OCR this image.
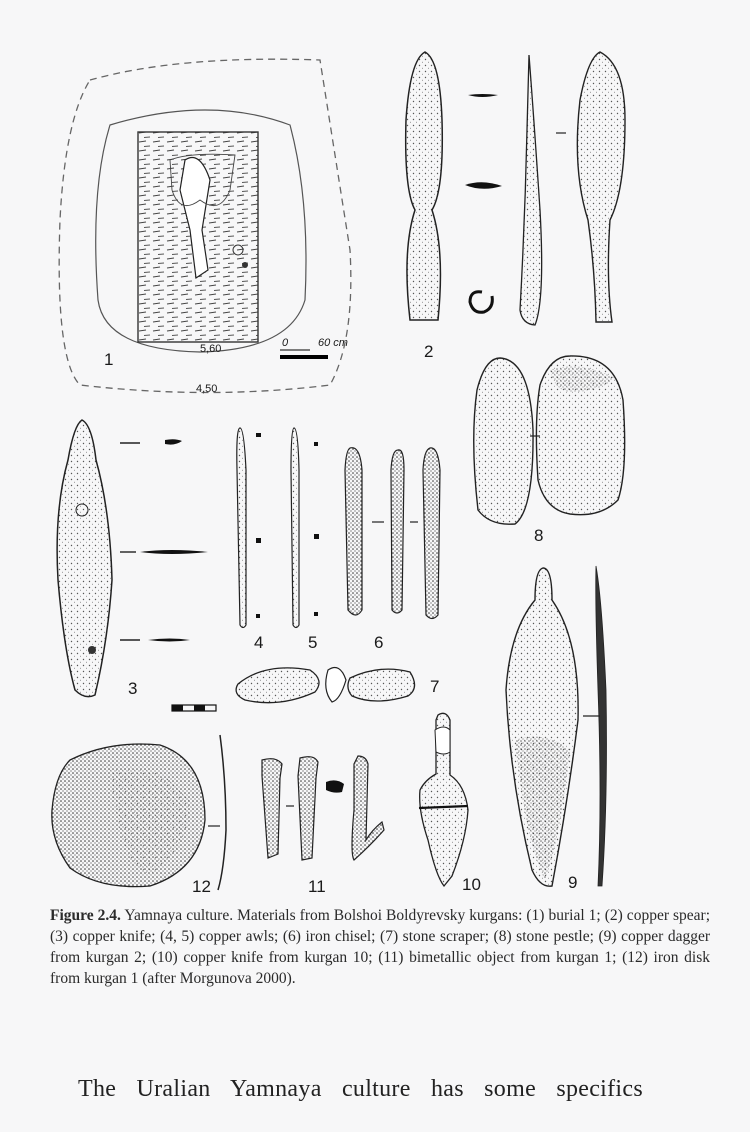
0	60 cm
5,60
4,50
1	2
8
3
4	5	6
7
9
10
11
12
Figure 2.4. Yamnaya culture. Materials from Bolshoi Boldyrevsky kurgans: (1) burial 1; (2) copper spear; (3) copper knife; (4, 5) copper awls; (6) iron chisel; (7) stone scraper; (8) stone pestle; (9) copper dagger from kurgan 2; (10) copper knife from kurgan 10; (11) bimetallic object from kurgan 1; (12) iron disk from kurgan 1 (after Morgunova 2000).
The Uralian Yamnaya culture has some specifics
